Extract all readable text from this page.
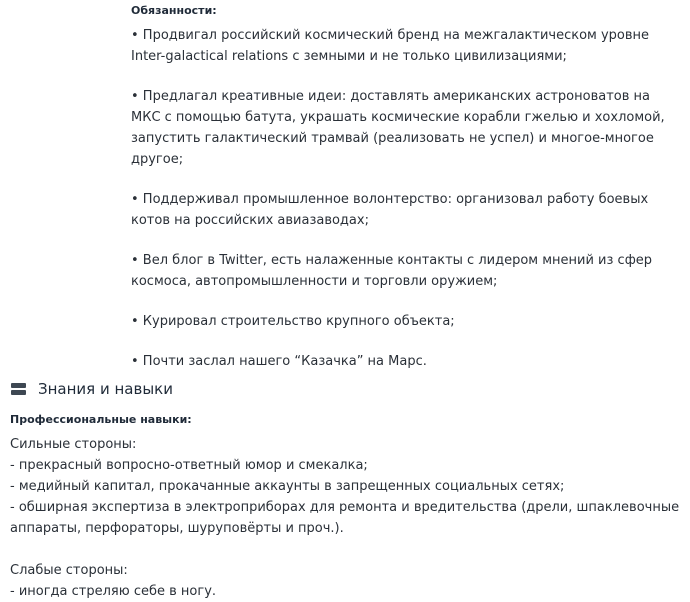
Обязанности:

• Продвигал российский космический бренд на межгалактическом уровне Inter-galactical relations с земными и не только цивилизациями;

• Предлагал креативные идеи: доставлять американских астроноватов на МКС с помощью батута, украшать космические корабли гжелью и хохломой, запустить галактический трамвай (реализовать не успел) и многое-многое другое;

• Поддерживал промышленное волонтерство: организовал работу боевых котов на российских авиазаводах;

• Вел блог в Twitter, есть налаженные контакты с лидером мнений из сфер космоса, автопромышленности и торговли оружием;

• Курировал строительство крупного объекта;

• Почти заслал нашего “Казачка” на Марс.

Знания и навыки
Профессиональные навыки:

Сильные стороны:

- прекрасный вопросно-ответный юмор и смекалка;

- медийный капитал, прокачанные аккаунты в запрещенных социальных сетях;

- обширная экспертиза в электроприборах для ремонта и вредительства (дрели, шпаклевочные аппараты, перфораторы, шуруповёрты и проч.).

Слабые стороны:

- иногда стреляю себе в ногу.
